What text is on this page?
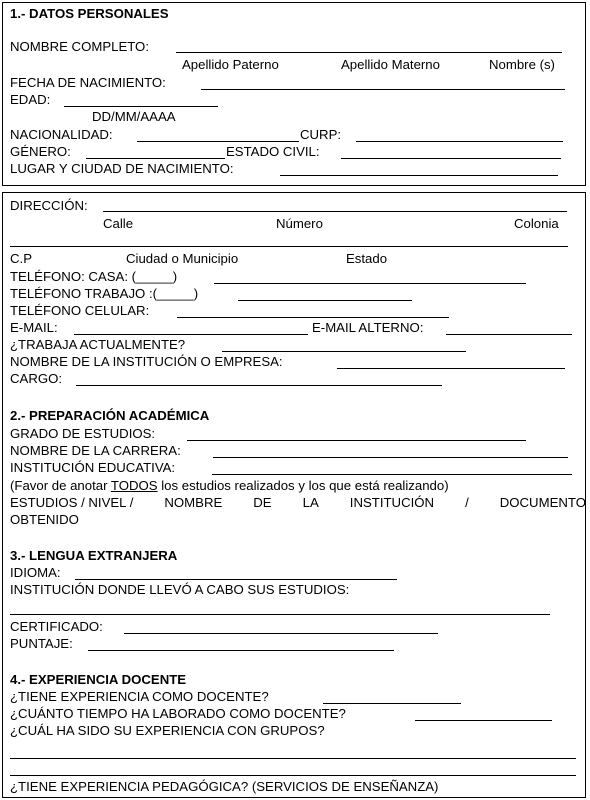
1.- DATOS PERSONALES
NOMBRE COMPLETO:
Apellido Paterno	Apellido Materno	Nombre (s)
FECHA DE NACIMIENTO:
EDAD:
DD/MM/AAAA
NACIONALIDAD:	CURP:
GÉNERO:	ESTADO CIVIL:
LUGAR Y CIUDAD DE NACIMIENTO:
DIRECCIÓN:
Calle	Número	Colonia
C.P	Ciudad o Municipio	Estado
TELÉFONO: CASA: (_____)
TELÉFONO TRABAJO :(_____)
TELÉFONO CELULAR:
E-MAIL:	E-MAIL ALTERNO:
¿TRABAJA ACTUALMENTE?
NOMBRE DE LA INSTITUCIÓN O EMPRESA:
CARGO:
2.- PREPARACIÓN ACADÉMICA
GRADO DE ESTUDIOS:
NOMBRE DE LA CARRERA:
INSTITUCIÓN EDUCATIVA:
(Favor de anotar TODOS los estudios realizados y los que está realizando)
ESTUDIOS / NIVEL / NOMBRE DE LA INSTITUCIÓN / DOCUMENTO
OBTENIDO
3.- LENGUA EXTRANJERA
IDIOMA:
INSTITUCIÓN DONDE LLEVÓ A CABO SUS ESTUDIOS:
CERTIFICADO:
PUNTAJE:
4.- EXPERIENCIA DOCENTE
¿TIENE EXPERIENCIA COMO DOCENTE?
¿CUÁNTO TIEMPO HA LABORADO COMO DOCENTE?
¿CUÁL HA SIDO SU EXPERIENCIA CON GRUPOS?
¿TIENE EXPERIENCIA PEDAGÓGICA? (SERVICIOS DE ENSEÑANZA)
